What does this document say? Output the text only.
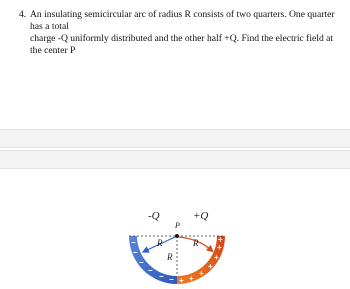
4. An insulating semicircular arc of radius R consists of two quarters. One quarter has a total

charge -Q uniformly distributed and the other half +Q. Find the electric field at the center P

−
−
−
−
− − + +
+
+
+
+
+
-Q	+Q
P
R	R
R
